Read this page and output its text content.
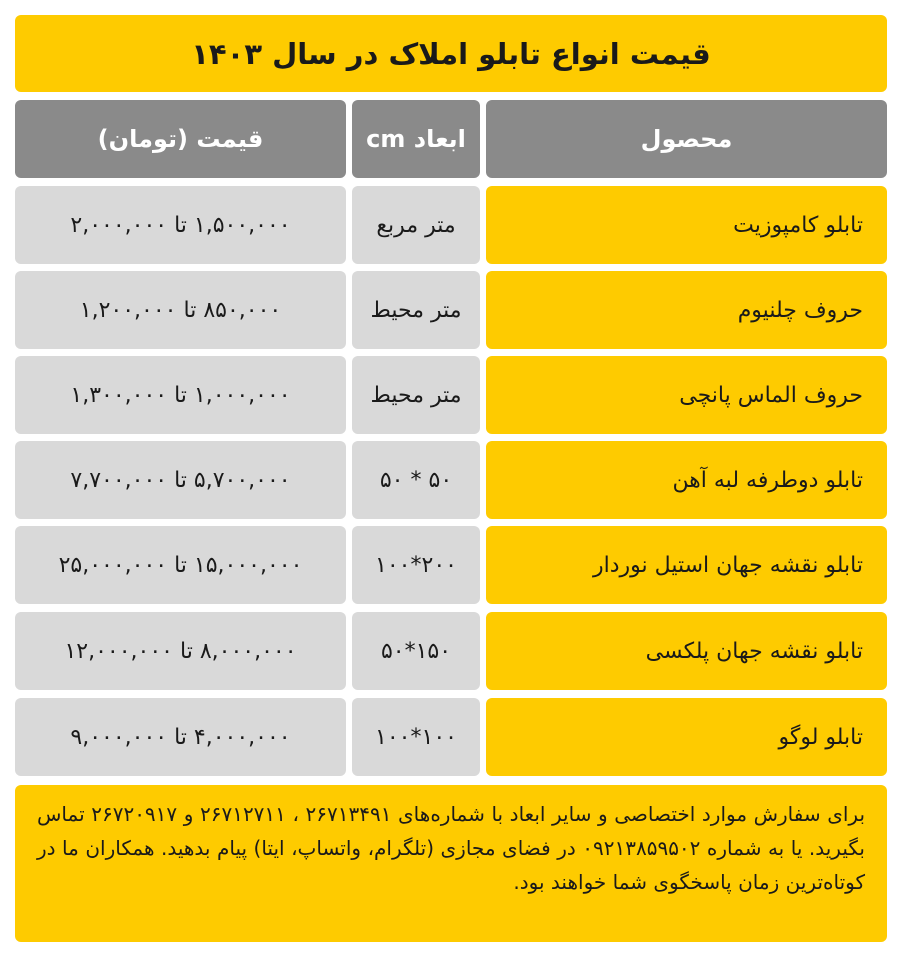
قیمت انواع تابلو املاک در سال ۱۴۰۳
محصول
ابعاد cm
قیمت (تومان)
تابلو کامپوزیت
متر مربع
۱,۵۰۰,۰۰۰ تا ۲,۰۰۰,۰۰۰
حروف چلنیوم
متر محیط
۸۵۰,۰۰۰ تا ۱,۲۰۰,۰۰۰
حروف الماس پانچی
متر محیط
۱,۰۰۰,۰۰۰ تا ۱,۳۰۰,۰۰۰
تابلو دوطرفه لبه آهن
۵۰ * ۵۰
۵,۷۰۰,۰۰۰ تا ۷,۷۰۰,۰۰۰
تابلو نقشه جهان استیل نوردار
۲۰۰*۱۰۰
۱۵,۰۰۰,۰۰۰ تا ۲۵,۰۰۰,۰۰۰
تابلو نقشه جهان پلکسی
۱۵۰*۵۰
۸,۰۰۰,۰۰۰ تا ۱۲,۰۰۰,۰۰۰
تابلو لوگو
۱۰۰*۱۰۰
۴,۰۰۰,۰۰۰ تا ۹,۰۰۰,۰۰۰
برای سفارش موارد اختصاصی و سایر ابعاد با شماره‌های ۲۶۷۱۳۴۹۱ ، ۲۶۷۱۲۷۱۱ و ۲۶۷۲۰۹۱۷ تماس بگیرید. یا به شماره ۰۹۲۱۳۸۵۹۵۰۲ در فضای مجازی (تلگرام، واتساپ، ایتا) پیام بدهید. همکاران ما در کوتاه‌ترین زمان پاسخگوی شما خواهند بود.
